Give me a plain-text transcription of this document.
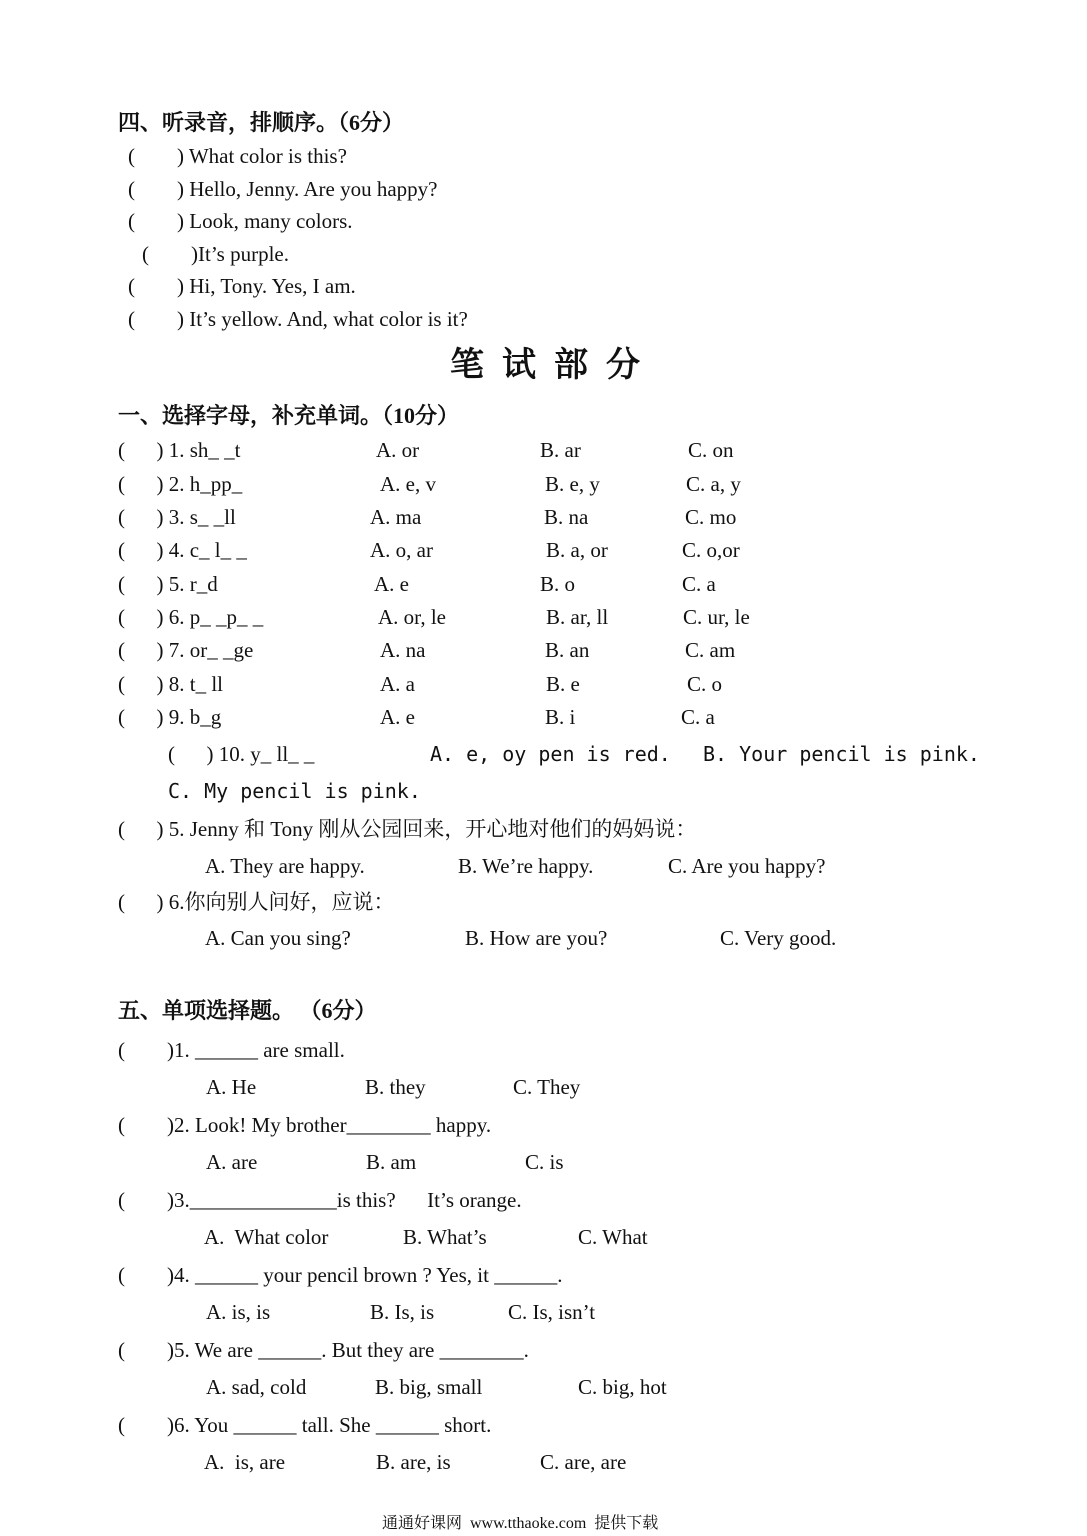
四、听录音，排顺序。（6分）
(        ) What color is this?
(        ) Hello, Jenny. Are you happy?
(        ) Look, many colors.
(        )It’s purple.
(        ) Hi, Tony. Yes, I am.
(        ) It’s yellow. And, what color is it?
笔试部分
一、选择字母，补充单词。（10分）
(      ) 1. sh_ _t	A. or	B. ar	C. on
(      ) 2. h_pp_	A. e, v	B. e, y	C. a, y
(      ) 3. s_ _ll	A. ma	B. na	C. mo
(      ) 4. c_ l_ _	A. o, ar	B. a, or	C. o,or
(      ) 5. r_d	A. e	B. o	C. a
(      ) 6. p_ _p_ _	A. or, le	B. ar, ll	C. ur, le
(      ) 7. or_ _ge	A. na	B. an	C. am
(      ) 8. t_ ll	A. a	B. e	C. o
(      ) 9. b_g	A. e	B. i	C. a
(      ) 10. y_ ll_ _	A. e, oy pen is red. B. Your pencil is pink.
C. My pencil is pink.
(      ) 5. Jenny 和 Tony 刚从公园回来，开心地对他们的妈妈说：
A. They are happy.	B. We’re happy.	C. Are you happy?
(      ) 6.你向别人问好，应说：
A. Can you sing?	B. How are you?	C. Very good.
五、单项选择题。 （6分）
(        )1. ______ are small.
A. He	B. they	C. They
(        )2. Look! My brother________ happy.
A. are	B. am	C. is
(        )3.______________is this?      It’s orange.
A.  What color	B. What’s	C. What
(        )4. ______ your pencil brown ? Yes, it ______.
A. is, is	B. Is, is	C. Is, isn’t
(        )5. We are ______. But they are ________.
A. sad, cold	B. big, small	C. big, hot
(        )6. You ______ tall. She ______ short.
A.  is, are	B. are, is	C. are, are
通通好课网  www.tthaoke.com  提供下载
